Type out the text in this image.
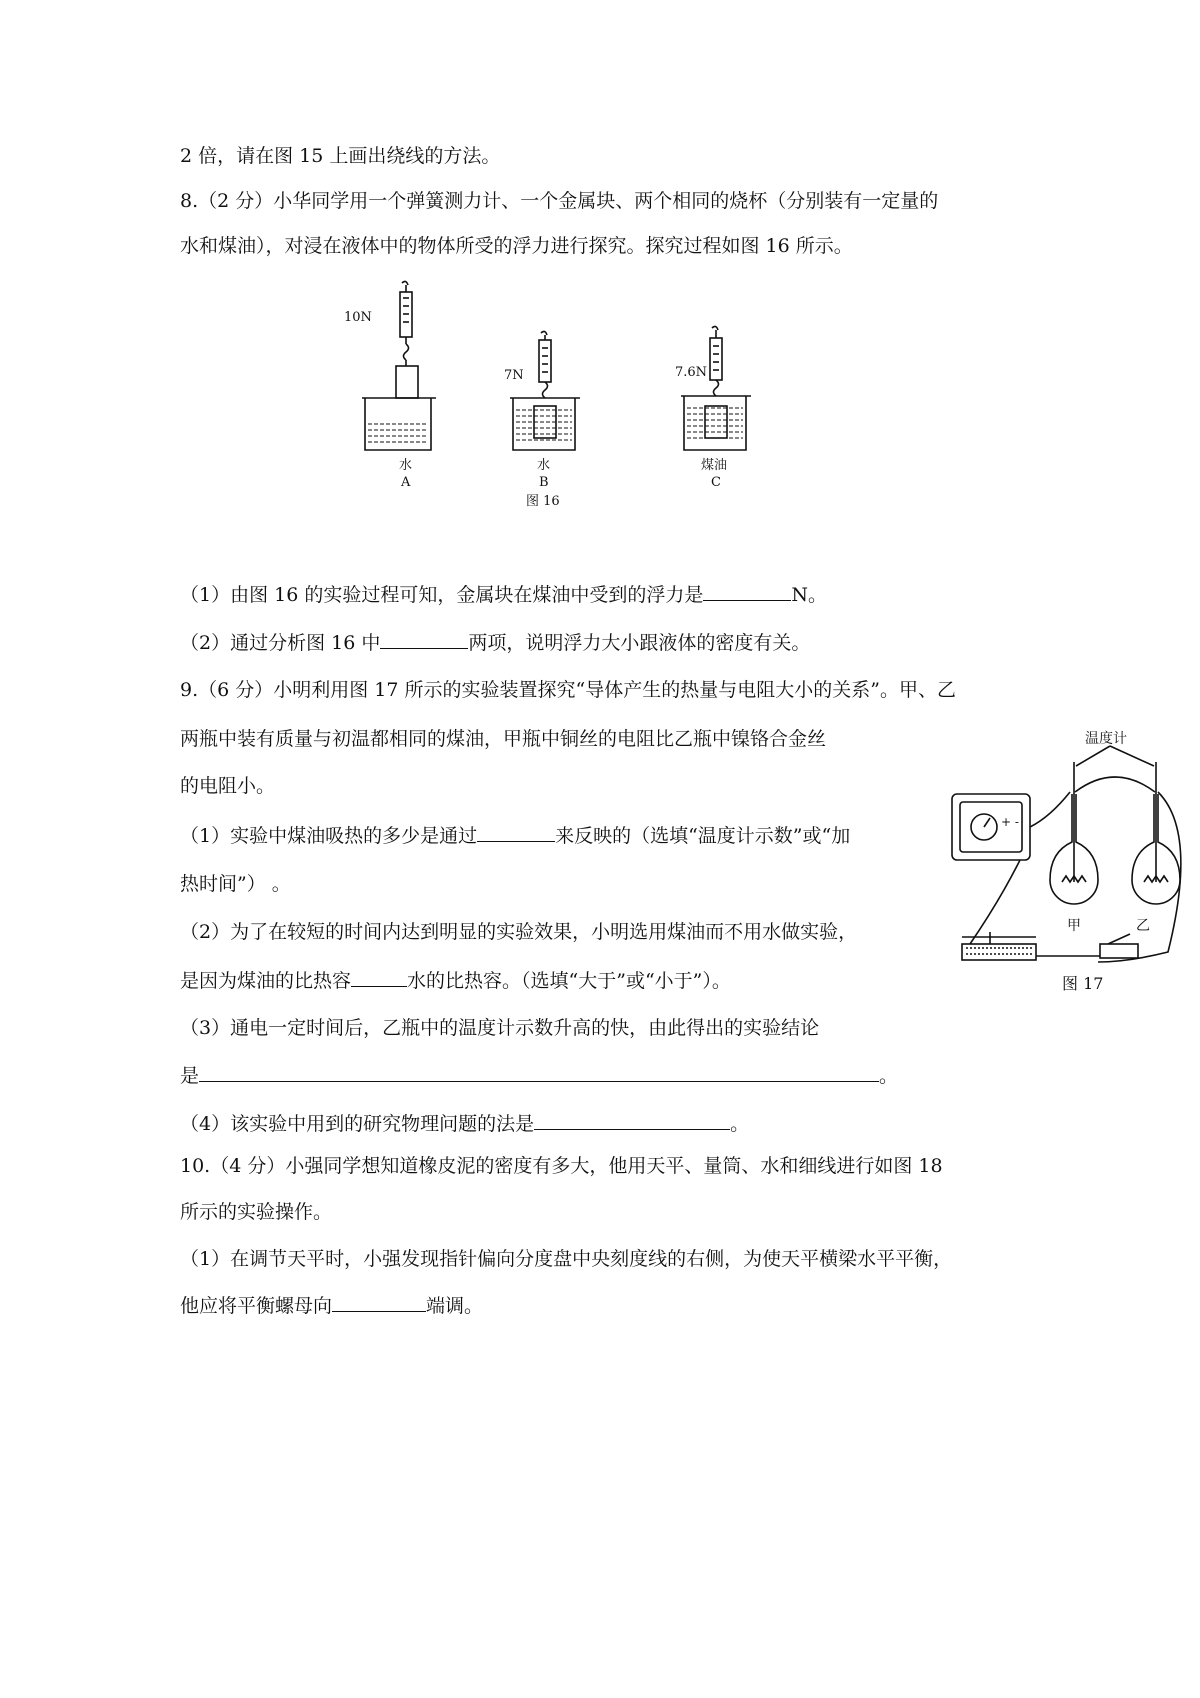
2 倍，请在图 15 上画出绕线的方法。
8.（2 分）小华同学用一个弹簧测力计、一个金属块、两个相同的烧杯（分别装有一定量的
水和煤油），对浸在液体中的物体所受的浮力进行探究。探究过程如图 16 所示。
10N
7N	7.6N
水
A
水
B
煤油
C
图 16
（1）由图 16 的实验过程可知，金属块在煤油中受到的浮力是	N。
（2）通过分析图 16 中	两项，说明浮力大小跟液体的密度有关。
9.（6 分）小明利用图 17 所示的实验装置探究“导体产生的热量与电阻大小的关系”。甲、乙
两瓶中装有质量与初温都相同的煤油，甲瓶中铜丝的电阻比乙瓶中镍铬合金丝
的电阻小。
（1）实验中煤油吸热的多少是通过	来反映的（选填“温度计示数”或“加
热时间”） 。
（2）为了在较短的时间内达到明显的实验效果，小明选用煤油而不用水做实验，
是因为煤油的比热容	水的比热容。（选填“大于”或“小于”）。
（3）通电一定时间后，乙瓶中的温度计示数升高的快，由此得出的实验结论
是	。
（4）该实验中用到的研究物理问题的法是	。
10.（4 分）小强同学想知道橡皮泥的密度有多大，他用天平、量筒、水和细线进行如图 18
所示的实验操作。
（1）在调节天平时，小强发现指针偏向分度盘中央刻度线的右侧，为使天平横梁水平平衡，
他应将平衡螺母向	端调。
+ -
温度计
甲	乙
图 17
